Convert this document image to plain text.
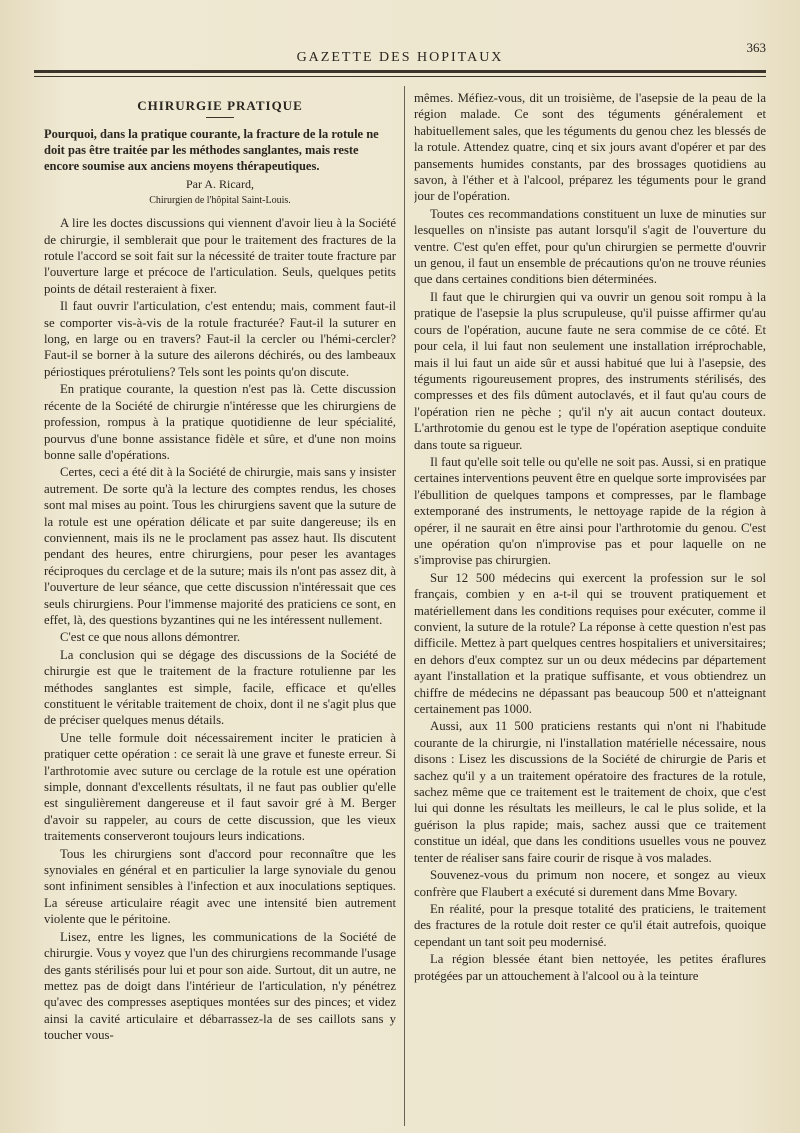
363
GAZETTE DES HOPITAUX
CHIRURGIE PRATIQUE
Pourquoi, dans la pratique courante, la fracture de la rotule ne doit pas être traitée par les méthodes sanglantes, mais reste encore soumise aux anciens moyens thérapeutiques.
Par A. Ricard,
Chirurgien de l'hôpital Saint-Louis.

A lire les doctes discussions qui viennent d'avoir lieu à la Société de chirurgie, il semblerait que pour le traitement des fractures de la rotule l'accord se soit fait sur la nécessité de traiter toute fracture par l'ouverture large et précoce de l'articulation. Seuls, quelques petits points de détail resteraient à fixer.

Il faut ouvrir l'articulation, c'est entendu; mais, comment faut-il se comporter vis-à-vis de la rotule fracturée? Faut-il la suturer en long, en large ou en travers? Faut-il la cercler ou l'hémi-cercler? Faut-il se borner à la suture des ailerons déchirés, ou des lambeaux périostiques prérotuliens? Tels sont les points qu'on discute.

En pratique courante, la question n'est pas là. Cette discussion récente de la Société de chirurgie n'intéresse que les chirurgiens de profession, rompus à la pratique quotidienne de leur spécialité, pourvus d'une bonne assistance fidèle et sûre, et d'une non moins bonne salle d'opérations.

Certes, ceci a été dit à la Société de chirurgie, mais sans y insister autrement. De sorte qu'à la lecture des comptes rendus, les choses sont mal mises au point. Tous les chirurgiens savent que la suture de la rotule est une opération délicate et par suite dangereuse; ils en conviennent, mais ils ne le proclament pas assez haut. Ils discutent pendant des heures, entre chirurgiens, pour peser les avantages réciproques du cerclage et de la suture; mais ils n'ont pas assez dit, à l'ouverture de leur séance, que cette discussion n'intéressait que ces seuls chirurgiens. Pour l'immense majorité des praticiens ce sont, en effet, là, des questions byzantines qui ne les intéressent nullement.

C'est ce que nous allons démontrer.

La conclusion qui se dégage des discussions de la Société de chirurgie est que le traitement de la fracture rotulienne par les méthodes sanglantes est simple, facile, efficace et qu'elles constituent le véritable traitement de choix, dont il ne s'agit plus que de préciser quelques menus détails.

Une telle formule doit nécessairement inciter le praticien à pratiquer cette opération : ce serait là une grave et funeste erreur. Si l'arthrotomie avec suture ou cerclage de la rotule est une opération simple, donnant d'excellents résultats, il ne faut pas oublier qu'elle est singulièrement dangereuse et il faut savoir gré à M. Berger d'avoir su rappeler, au cours de cette discussion, que les vieux traitements conserveront toujours leurs indications.

Tous les chirurgiens sont d'accord pour reconnaître que les synoviales en général et en particulier la large synoviale du genou sont infiniment sensibles à l'infection et aux inoculations septiques. La séreuse articulaire réagit avec une intensité bien autrement violente que le péritoine.

Lisez, entre les lignes, les communications de la Société de chirurgie. Vous y voyez que l'un des chirurgiens recommande l'usage des gants stérilisés pour lui et pour son aide. Surtout, dit un autre, ne mettez pas de doigt dans l'intérieur de l'articulation, n'y pénétrez qu'avec des compresses aseptiques montées sur des pinces; et videz ainsi la cavité articulaire et débarrassez-la de ses caillots sans y toucher vous-

mêmes. Méfiez-vous, dit un troisième, de l'asepsie de la peau de la région malade. Ce sont des téguments généralement et habituellement sales, que les téguments du genou chez les blessés de la rotule. Attendez quatre, cinq et six jours avant d'opérer et par des pansements humides constants, par des brossages quotidiens au savon, à l'éther et à l'alcool, préparez les téguments pour le grand jour de l'opération.

Toutes ces recommandations constituent un luxe de minuties sur lesquelles on n'insiste pas autant lorsqu'il s'agit de l'ouverture du ventre. C'est qu'en effet, pour qu'un chirurgien se permette d'ouvrir un genou, il faut un ensemble de précautions qu'on ne trouve réunies que dans certaines conditions bien déterminées.

Il faut que le chirurgien qui va ouvrir un genou soit rompu à la pratique de l'asepsie la plus scrupuleuse, qu'il puisse affirmer qu'au cours de l'opération, aucune faute ne sera commise de ce côté. Et pour cela, il lui faut non seulement une installation irréprochable, mais il lui faut un aide sûr et aussi habitué que lui à l'asepsie, des téguments rigoureusement propres, des instruments stérilisés, des compresses et des fils dûment autoclavés, et il faut qu'au cours de l'opération rien ne pèche ; qu'il n'y ait aucun contact douteux. L'arthrotomie du genou est le type de l'opération aseptique conduite dans toute sa rigueur.

Il faut qu'elle soit telle ou qu'elle ne soit pas. Aussi, si en pratique certaines interventions peuvent être en quelque sorte improvisées par l'ébullition de quelques tampons et compresses, par le flambage extemporané des instruments, le nettoyage rapide de la région à opérer, il ne saurait en être ainsi pour l'arthrotomie du genou. C'est une opération qu'on n'improvise pas et pour laquelle on ne s'improvise pas chirurgien.

Sur 12 500 médecins qui exercent la profession sur le sol français, combien y en a-t-il qui se trouvent pratiquement et matériellement dans les conditions requises pour exécuter, comme il convient, la suture de la rotule? La réponse à cette question n'est pas difficile. Mettez à part quelques centres hospitaliers et universitaires; en dehors d'eux comptez sur un ou deux médecins par département ayant l'installation et la pratique suffisante, et vous obtiendrez un chiffre de médecins ne dépassant pas beaucoup 500 et n'atteignant certainement pas 1000.

Aussi, aux 11 500 praticiens restants qui n'ont ni l'habitude courante de la chirurgie, ni l'installation matérielle nécessaire, nous disons : Lisez les discussions de la Société de chirurgie de Paris et sachez qu'il y a un traitement opératoire des fractures de la rotule, sachez même que ce traitement est le traitement de choix, que c'est lui qui donne les résultats les meilleurs, le cal le plus solide, et la guérison la plus rapide; mais, sachez aussi que ce traitement constitue un idéal, que dans les conditions usuelles vous ne pouvez tenter de réaliser sans faire courir de risque à vos malades.

Souvenez-vous du primum non nocere, et songez au vieux confrère que Flaubert a exécuté si durement dans Mme Bovary.

En réalité, pour la presque totalité des praticiens, le traitement des fractures de la rotule doit rester ce qu'il était autrefois, quoique cependant un tant soit peu modernisé.

La région blessée étant bien nettoyée, les petites éraflures protégées par un attouchement à l'alcool ou à la teinture
